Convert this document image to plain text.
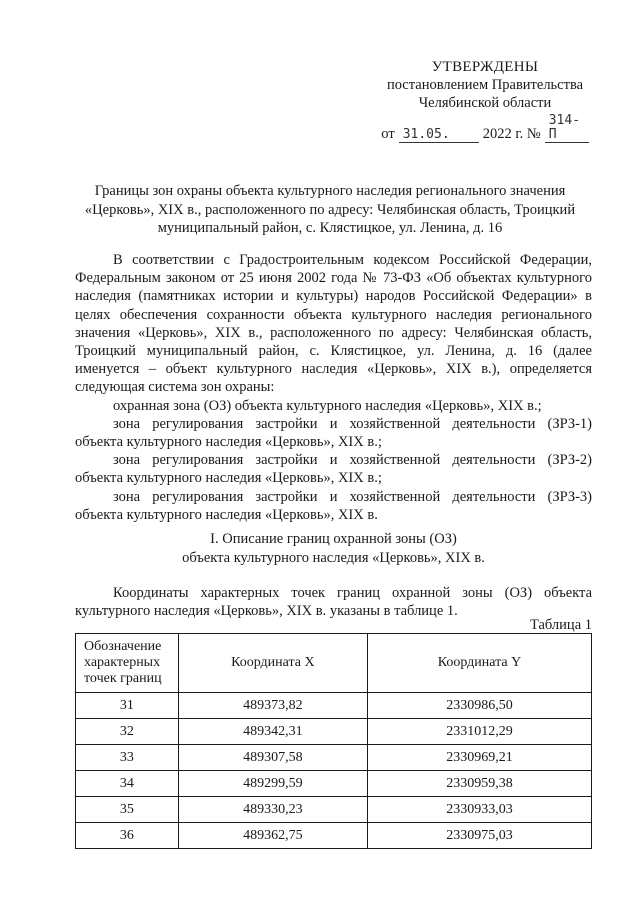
УТВЕРЖДЕНЫ
постановлением Правительства
Челябинской области
от 31.05.	2022 г. №
314-П
Границы зон охраны объекта культурного наследия регионального значения
«Церковь», XIX в., расположенного по адресу: Челябинская область, Троицкий
муниципальный район, с. Клястицкое, ул. Ленина, д. 16

В соответствии с Градостроительным кодексом Российской Федерации, Федеральным законом от 25 июня 2002 года № 73-ФЗ «Об объектах культурного наследия (памятниках истории и культуры) народов Российской Федерации» в целях обеспечения сохранности объекта культурного наследия регионального значения «Церковь», XIX в., расположенного по адресу: Челябинская область, Троицкий муниципальный район, с. Клястицкое, ул. Ленина, д. 16 (далее именуется – объект культурного наследия «Церковь», XIX в.), определяется следующая система зон охраны:

охранная зона (ОЗ) объекта культурного наследия «Церковь», XIX в.;

зона регулирования застройки и хозяйственной деятельности (ЗРЗ-1) объекта культурного наследия «Церковь», XIX в.;

зона регулирования застройки и хозяйственной деятельности (ЗРЗ-2) объекта культурного наследия «Церковь», XIX в.;

зона регулирования застройки и хозяйственной деятельности (ЗРЗ-3) объекта культурного наследия «Церковь», XIX в.

I. Описание границ охранной зоны (ОЗ)
объекта культурного наследия «Церковь», XIX в.

Координаты характерных точек границ охранной зоны (ОЗ) объекта культурного наследия «Церковь», XIX в. указаны в таблице 1.

Таблица 1
Обозначение характерных точек границ	Координата X	Координата Y
31	489373,82	2330986,50
32	489342,31	2331012,29
33	489307,58	2330969,21
34	489299,59	2330959,38
35	489330,23	2330933,03
36	489362,75	2330975,03
